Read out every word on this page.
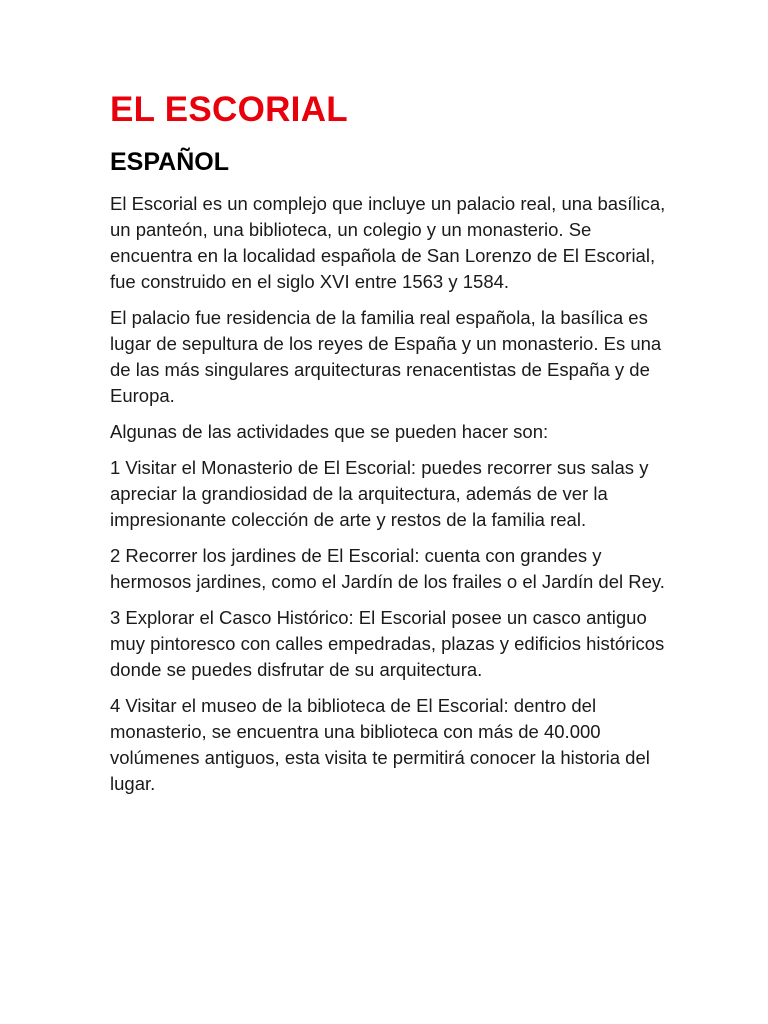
EL ESCORIAL
ESPAÑOL

El Escorial es un complejo que incluye un palacio real, una basílica, un panteón, una biblioteca, un colegio y un monasterio. Se encuentra en la localidad española de San Lorenzo de El Escorial, fue construido en el siglo XVI entre 1563 y 1584.

El palacio fue residencia de la familia real española, la basílica es lugar de sepultura de los reyes de España y un monasterio. Es una de las más singulares arquitecturas renacentistas de España y de Europa.

Algunas de las actividades que se pueden hacer son:

1 Visitar el Monasterio de El Escorial: puedes recorrer sus salas y apreciar la grandiosidad de la arquitectura, además de ver la impresionante colección de arte y restos de la familia real.

2 Recorrer los jardines de El Escorial: cuenta con grandes y hermosos jardines, como el Jardín de los frailes o el Jardín del Rey.

3 Explorar el Casco Histórico: El Escorial posee un casco antiguo muy pintoresco con calles empedradas, plazas y edificios históricos donde se puedes disfrutar de su arquitectura.

4 Visitar el museo de la biblioteca de El Escorial: dentro del monasterio, se encuentra una biblioteca con más de 40.000 volúmenes antiguos, esta visita te permitirá conocer la historia del lugar.
